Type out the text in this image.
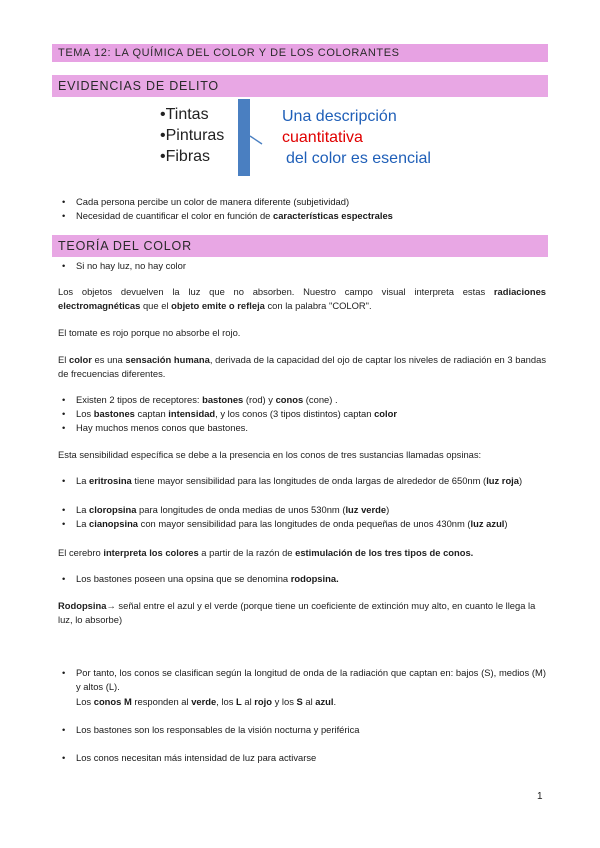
TEMA 12: LA QUÍMICA DEL COLOR Y DE LOS COLORANTES
EVIDENCIAS DE DELITO
•Tintas
•Pinturas
•Fibras
Una descripción
cuantitativa
del color es esencial
• Cada persona percibe un color de manera diferente (subjetividad)
• Necesidad de cuantificar el color en función de características espectrales
TEORÍA DEL COLOR
• Si no hay luz, no hay color
Los objetos devuelven la luz que no absorben. Nuestro campo visual interpreta estas radiaciones electromagnéticas que el objeto emite o refleja con la palabra "COLOR".
El tomate es rojo porque no absorbe el rojo.
El color es una sensación humana, derivada de la capacidad del ojo de captar los niveles de radiación en 3 bandas de frecuencias diferentes.
• Existen 2 tipos de receptores: bastones (rod) y conos (cone) .
• Los bastones captan intensidad, y los conos (3 tipos distintos) captan color
• Hay muchos menos conos que bastones.
Esta sensibilidad específica se debe a la presencia en los conos de tres sustancias llamadas opsinas:
• La eritrosina tiene mayor sensibilidad para las longitudes de onda largas de alrededor de 650nm (luz roja)
• La cloropsina para longitudes de onda medias de unos 530nm (luz verde)
• La cianopsina con mayor sensibilidad para las longitudes de onda pequeñas de unos 430nm (luz azul)
El cerebro interpreta los colores a partir de la razón de estimulación de los tres tipos de conos.
• Los bastones poseen una opsina que se denomina rodopsina.
Rodopsina→ señal entre el azul y el verde (porque tiene un coeficiente de extinción muy alto, en cuanto le llega la luz, lo absorbe)
• Por tanto, los conos se clasifican según la longitud de onda de la radiación que captan en: bajos (S), medios (M) y altos (L).
Los conos M responden al verde, los L al rojo y los S al azul.
• Los bastones son los responsables de la visión nocturna y periférica
• Los conos necesitan más intensidad de luz para activarse
1
